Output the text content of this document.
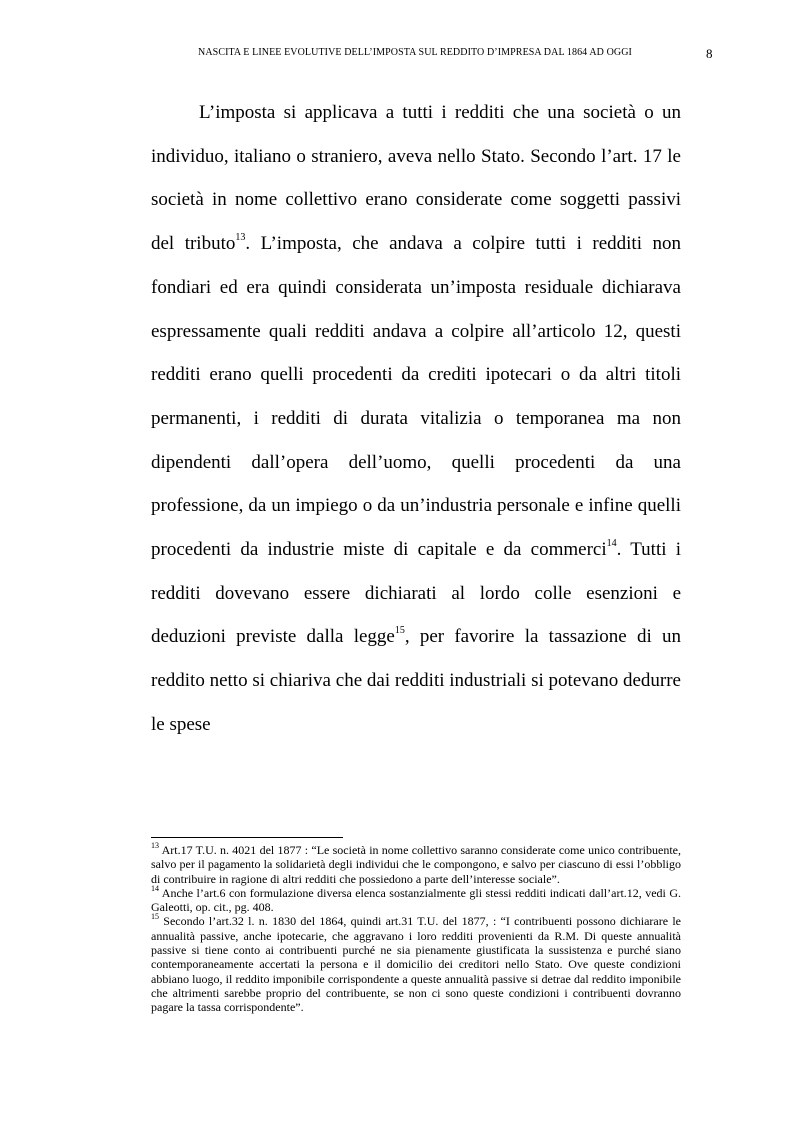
NASCITA E LINEE EVOLUTIVE DELL’IMPOSTA SUL REDDITO D’IMPRESA DAL 1864 AD OGGI	8

L’imposta si applicava a tutti i redditi che una società o un individuo, italiano o straniero, aveva nello Stato. Secondo l’art. 17 le società in nome collettivo erano considerate come soggetti passivi del tributo$^{13}$. L’imposta, che andava a colpire tutti i redditi non fondiari ed era quindi considerata un’imposta residuale dichiarava espressamente quali redditi andava a colpire all’articolo 12, questi redditi erano quelli procedenti da crediti ipotecari o da altri titoli permanenti, i redditi di durata vitalizia o temporanea ma non dipendenti dall’opera dell’uomo, quelli procedenti da una professione, da un impiego o da un’industria personale e infine quelli procedenti da industrie miste di capitale e da commerci$^{14}$. Tutti i redditi dovevano essere dichiarati al lordo colle esenzioni e deduzioni previste dalla legge$^{15}$, per favorire la tassazione di un reddito netto si chiariva che dai redditi industriali si potevano dedurre le spese

$^{13}$ Art.17 T.U. n. 4021 del 1877 : “Le società in nome collettivo saranno considerate come unico contribuente, salvo per il pagamento la solidarietà degli individui che le compongono, e salvo per ciascuno di essi l’obbligo di contribuire in ragione di altri redditi che possiedono a parte dell’interesse sociale”.

$^{14}$ Anche l’art.6 con formulazione diversa elenca sostanzialmente gli stessi redditi indicati dall’art.12, vedi G. Galeotti, op. cit., pg. 408.

$^{15}$ Secondo l’art.32 l. n. 1830 del 1864, quindi art.31 T.U. del 1877, : “I contribuenti possono dichiarare le annualità passive, anche ipotecarie, che aggravano i loro redditi provenienti da R.M. Di queste annualità passive si tiene conto ai contribuenti purché ne sia pienamente giustificata la sussistenza e purché siano contemporaneamente accertati la persona e il domicilio dei creditori nello Stato. Ove queste condizioni abbiano luogo, il reddito imponibile corrispondente a queste annualità passive si detrae dal reddito imponibile che altrimenti sarebbe proprio del contribuente, se non ci sono queste condizioni i contribuenti dovranno pagare la tassa corrispondente”.
